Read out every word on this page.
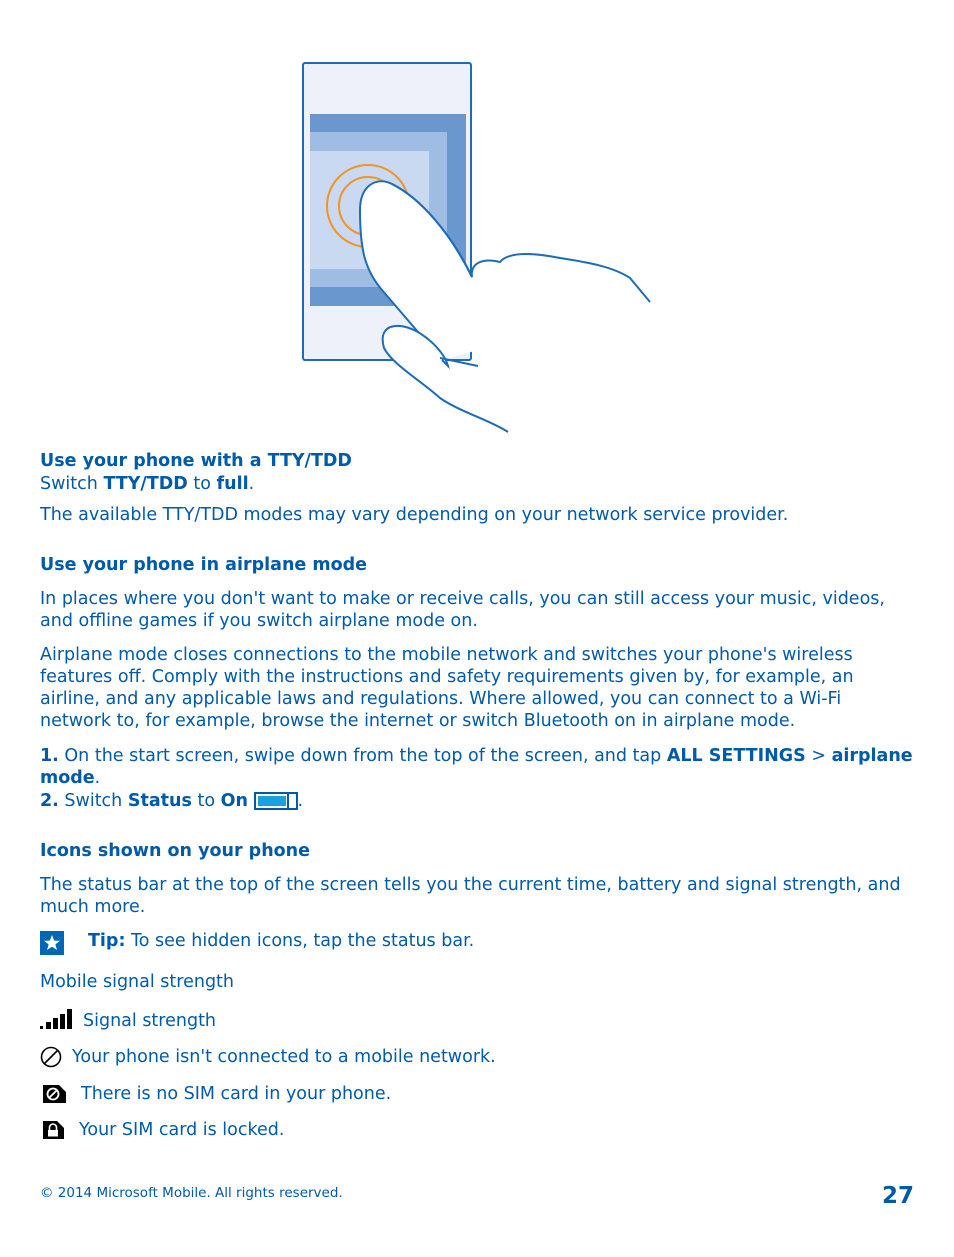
Use your phone with a TTY/TDD
Switch TTY/TDD to full.
The available TTY/TDD modes may vary depending on your network service provider.
Use your phone in airplane mode
In places where you don't want to make or receive calls, you can still access your music, videos, and offline games if you switch airplane mode on.
Airplane mode closes connections to the mobile network and switches your phone's wireless features off. Comply with the instructions and safety requirements given by, for example, an airline, and any applicable laws and regulations. Where allowed, you can connect to a Wi-Fi network to, for example, browse the internet or switch Bluetooth on in airplane mode.
1. On the start screen, swipe down from the top of the screen, and tap ALL SETTINGS > airplane mode.
2. Switch Status to On	.
Icons shown on your phone
The status bar at the top of the screen tells you the current time, battery and signal strength, and much more.
Tip: To see hidden icons, tap the status bar.
Mobile signal strength
Signal strength
Your phone isn't connected to a mobile network.
There is no SIM card in your phone.
Your SIM card is locked.
© 2014 Microsoft Mobile. All rights reserved.	27
